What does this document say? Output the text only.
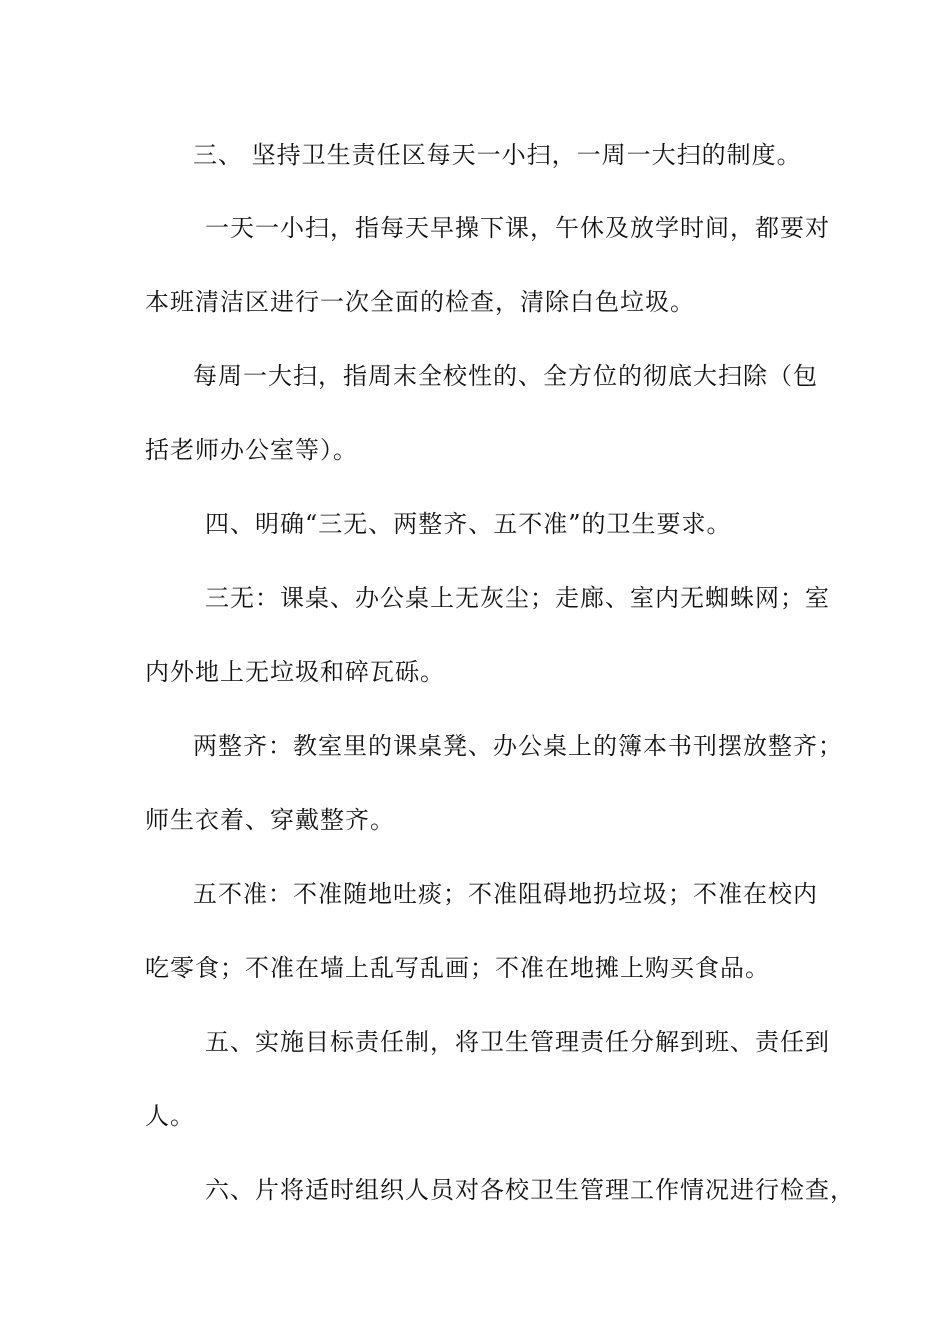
三、 坚持卫生责任区每天一小扫，一周一大扫的制度。
一天一小扫，指每天早操下课，午休及放学时间，都要对
本班清洁区进行一次全面的检查，清除白色垃圾。
每周一大扫，指周末全校性的、全方位的彻底大扫除（包
括老师办公室等）。
四、明确“三无、两整齐、五不准”的卫生要求。
三无：课桌、办公桌上无灰尘；走廊、室内无蜘蛛网；室
内外地上无垃圾和碎瓦砾。
两整齐：教室里的课桌凳、办公桌上的簿本书刊摆放整齐；
师生衣着、穿戴整齐。
五不准：不准随地吐痰；不准阻碍地扔垃圾；不准在校内
吃零食；不准在墙上乱写乱画；不准在地摊上购买食品。
五、实施目标责任制，将卫生管理责任分解到班、责任到
人。
六、片将适时组织人员对各校卫生管理工作情况进行检查，
